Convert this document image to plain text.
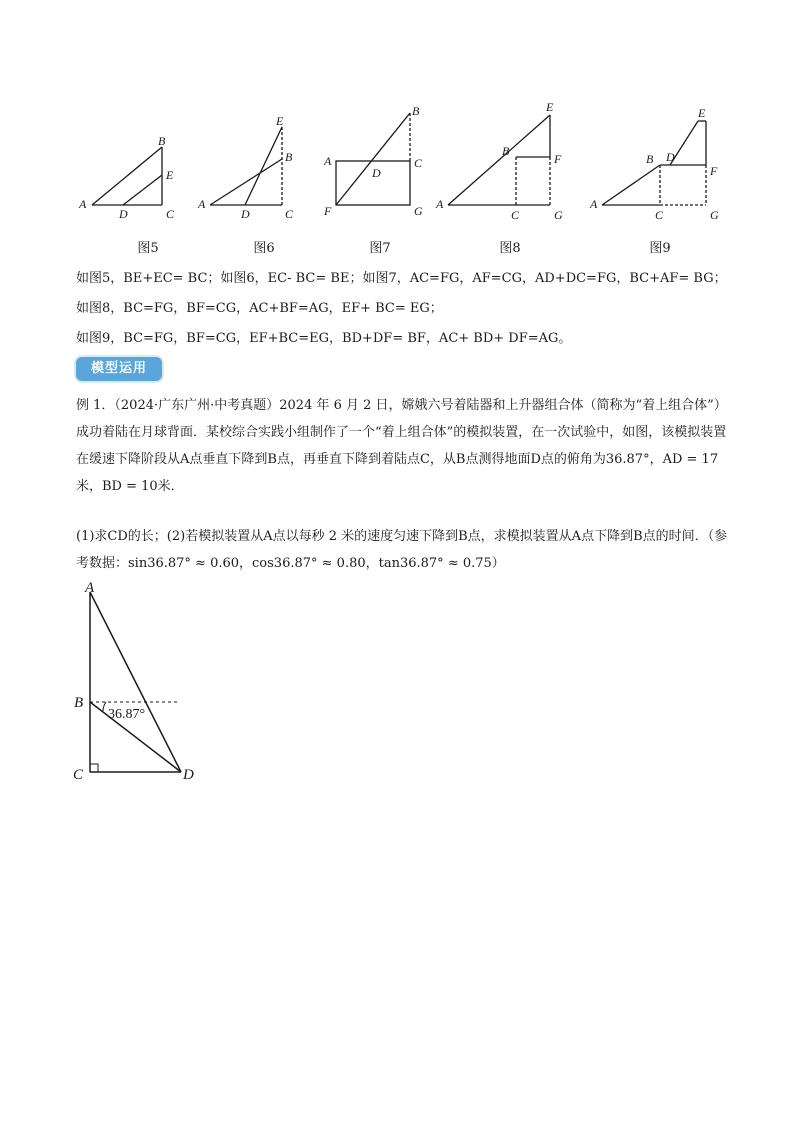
A
B
C
D
E
A
B
C
D
E
A
B
C
D
F	G A
B
C
E
F
G
A
B
C
D
E
F
G
图5	图6	图7	图8	图9
如图5，BE+EC= BC；如图6，EC- BC= BE；如图7，AC=FG，AF=CG，AD+DC=FG，BC+AF= BG；
如图8，BC=FG，BF=CG，AC+BF=AG，EF+ BC= EG；
如图9，BC=FG，BF=CG，EF+BC=EG，BD+DF= BF，AC+ BD+ DF=AG。
模型运用
例 1．（2024·广东广州·中考真题）2024 年 6 月 2 日，嫦娥六号着陆器和上升器组合体（简称为“着上组合体”）成功着陆在月球背面．某校综合实践小组制作了一个“着上组合体”的模拟装置，在一次试验中，如图，该模拟装置在缓速下降阶段从A点垂直下降到B点，再垂直下降到着陆点C，从B点测得地面D点的俯角为36.87°，AD = 17米，BD = 10米．
(1)求CD的长；(2)若模拟装置从A点以每秒 2 米的速度匀速下降到B点，求模拟装置从A点下降到B点的时间．（参考数据：sin36.87° ≈ 0.60，cos36.87° ≈ 0.80，tan36.87° ≈ 0.75）
A
B
C	D
36.87°
